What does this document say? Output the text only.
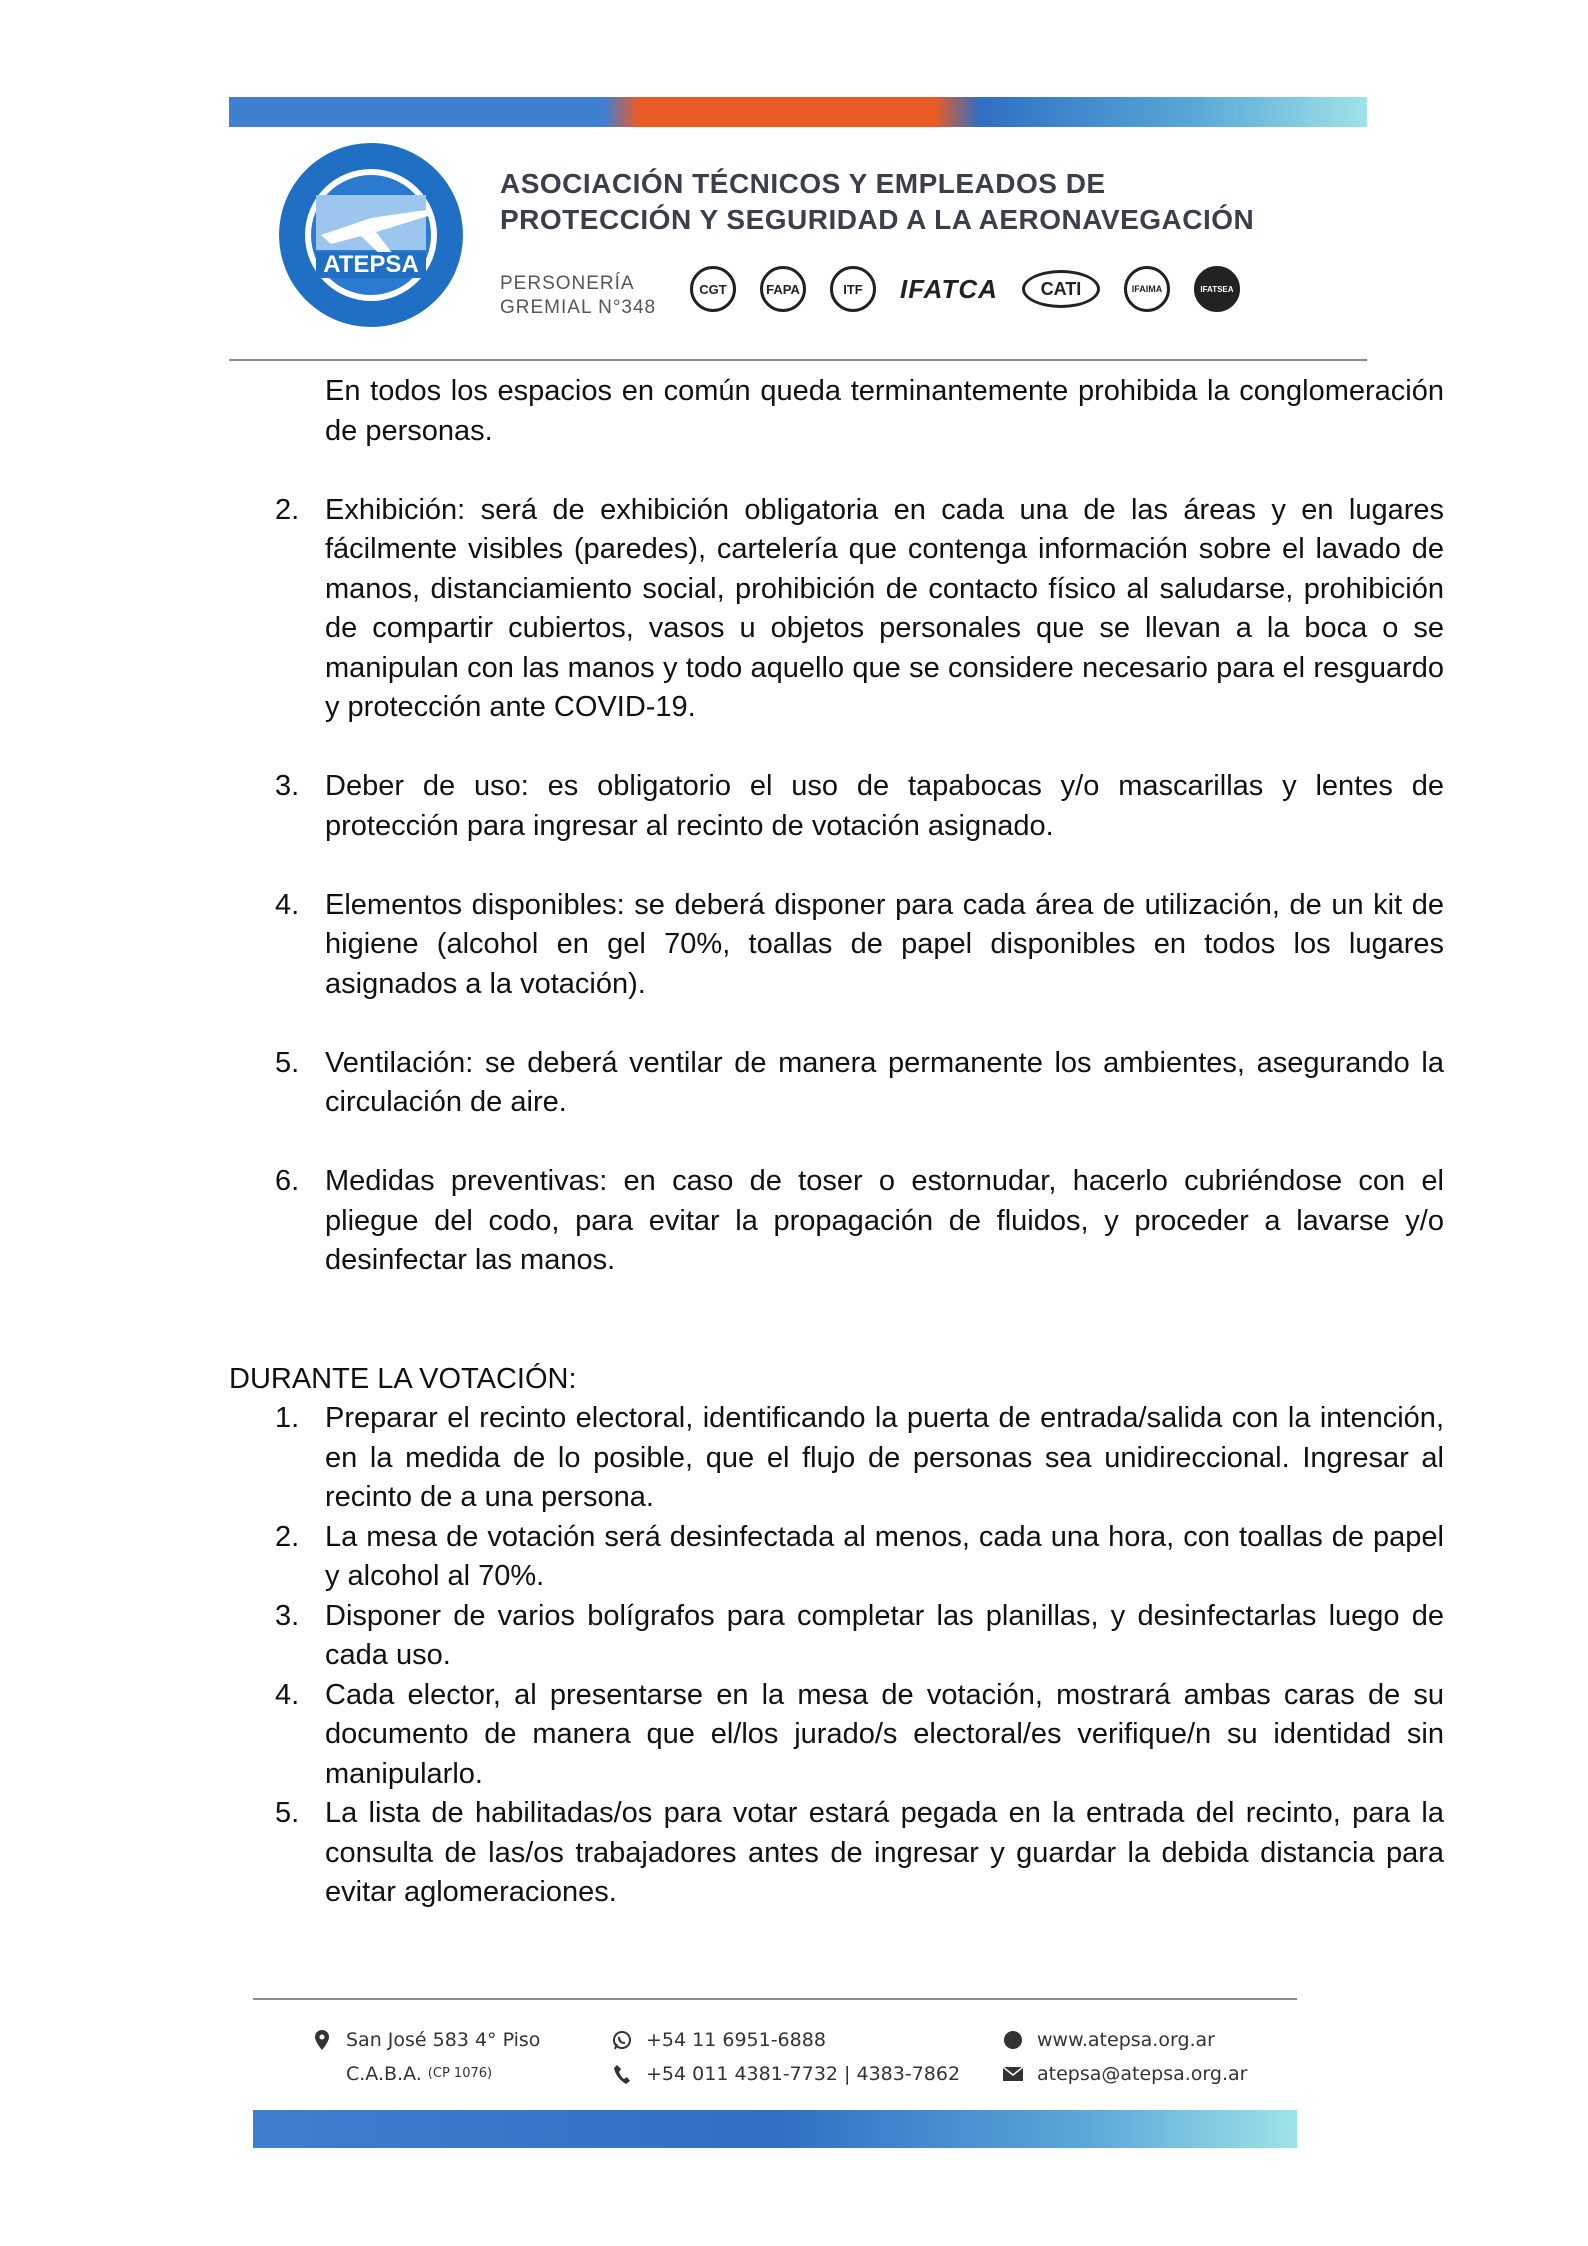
ATEPSA
ASOCIACIÓN TÉCNICOS Y EMPLEADOS DE
PROTECCIÓN Y SEGURIDAD A LA AERONAVEGACIÓN
PERSONERÍA
GREMIAL N°348
CGT	FAPA	ITF	IFATCA	CATI	IFAIMA	IFATSEA
En todos los espacios en común queda terminantemente prohibida la conglomeración de personas.
2. Exhibición: será de exhibición obligatoria en cada una de las áreas y en lugares fácilmente visibles (paredes), cartelería que contenga información sobre el lavado de manos, distanciamiento social, prohibición de contacto físico al saludarse, prohibición de compartir cubiertos, vasos u objetos personales que se llevan a la boca o se manipulan con las manos y todo aquello que se considere necesario para el resguardo y protección ante COVID-19.
3. Deber de uso: es obligatorio el uso de tapabocas y/o mascarillas y lentes de protección para ingresar al recinto de votación asignado.
4. Elementos disponibles: se deberá disponer para cada área de utilización, de un kit de higiene (alcohol en gel 70%, toallas de papel disponibles en todos los lugares asignados a la votación).
5. Ventilación: se deberá ventilar de manera permanente los ambientes, asegurando la circulación de aire.
6. Medidas preventivas: en caso de toser o estornudar, hacerlo cubriéndose con el pliegue del codo, para evitar la propagación de fluidos, y proceder a lavarse y/o desinfectar las manos.
DURANTE LA VOTACIÓN:
1. Preparar el recinto electoral, identificando la puerta de entrada/salida con la intención, en la medida de lo posible, que el flujo de personas sea unidireccional. Ingresar al recinto de a una persona.
2. La mesa de votación será desinfectada al menos, cada una hora, con toallas de papel y alcohol al 70%.
3. Disponer de varios bolígrafos para completar las planillas, y desinfectarlas luego de cada uso.
4. Cada elector, al presentarse en la mesa de votación, mostrará ambas caras de su documento de manera que el/los jurado/s electoral/es verifique/n su identidad sin manipularlo.
5. La lista de habilitadas/os para votar estará pegada en la entrada del recinto, para la consulta de las/os trabajadores antes de ingresar y guardar la debida distancia para evitar aglomeraciones.
San José 583 4° Piso
C.A.B.A. (CP 1076)
+54 11 6951-6888
+54 011 4381-7732 | 4383-7862
www.atepsa.org.ar
atepsa@atepsa.org.ar
